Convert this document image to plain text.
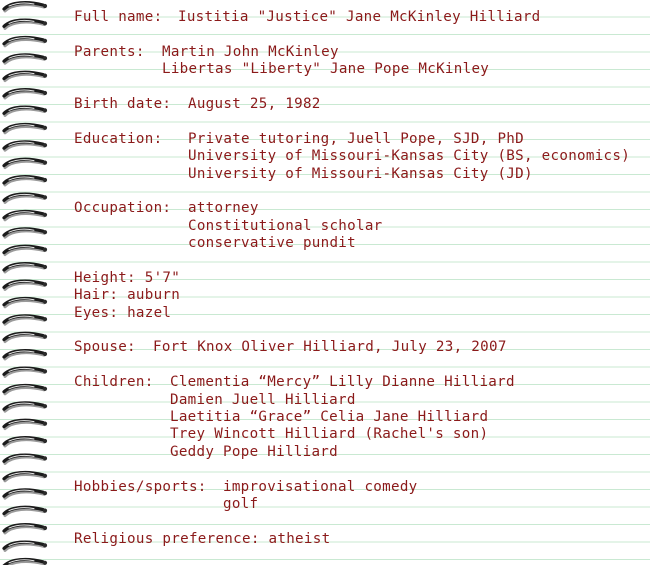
Full name: Iustitia "Justice" Jane McKinley Hilliard
Parents: Martin John McKinley
Libertas "Liberty" Jane Pope McKinley
Birth date: August 25, 1982
Education: Private tutoring, Juell Pope, SJD, PhD
University of Missouri-Kansas City (BS, economics)
University of Missouri-Kansas City (JD)
Occupation: attorney
Constitutional scholar
conservative pundit
Height: 5'7"
Hair: auburn
Eyes: hazel
Spouse: Fort Knox Oliver Hilliard, July 23, 2007
Children: Clementia “Mercy” Lilly Dianne Hilliard
Damien Juell Hilliard
Laetitia “Grace” Celia Jane Hilliard
Trey Wincott Hilliard (Rachel's son)
Geddy Pope Hilliard
Hobbies/sports: improvisational comedy
golf
Religious preference: atheist
